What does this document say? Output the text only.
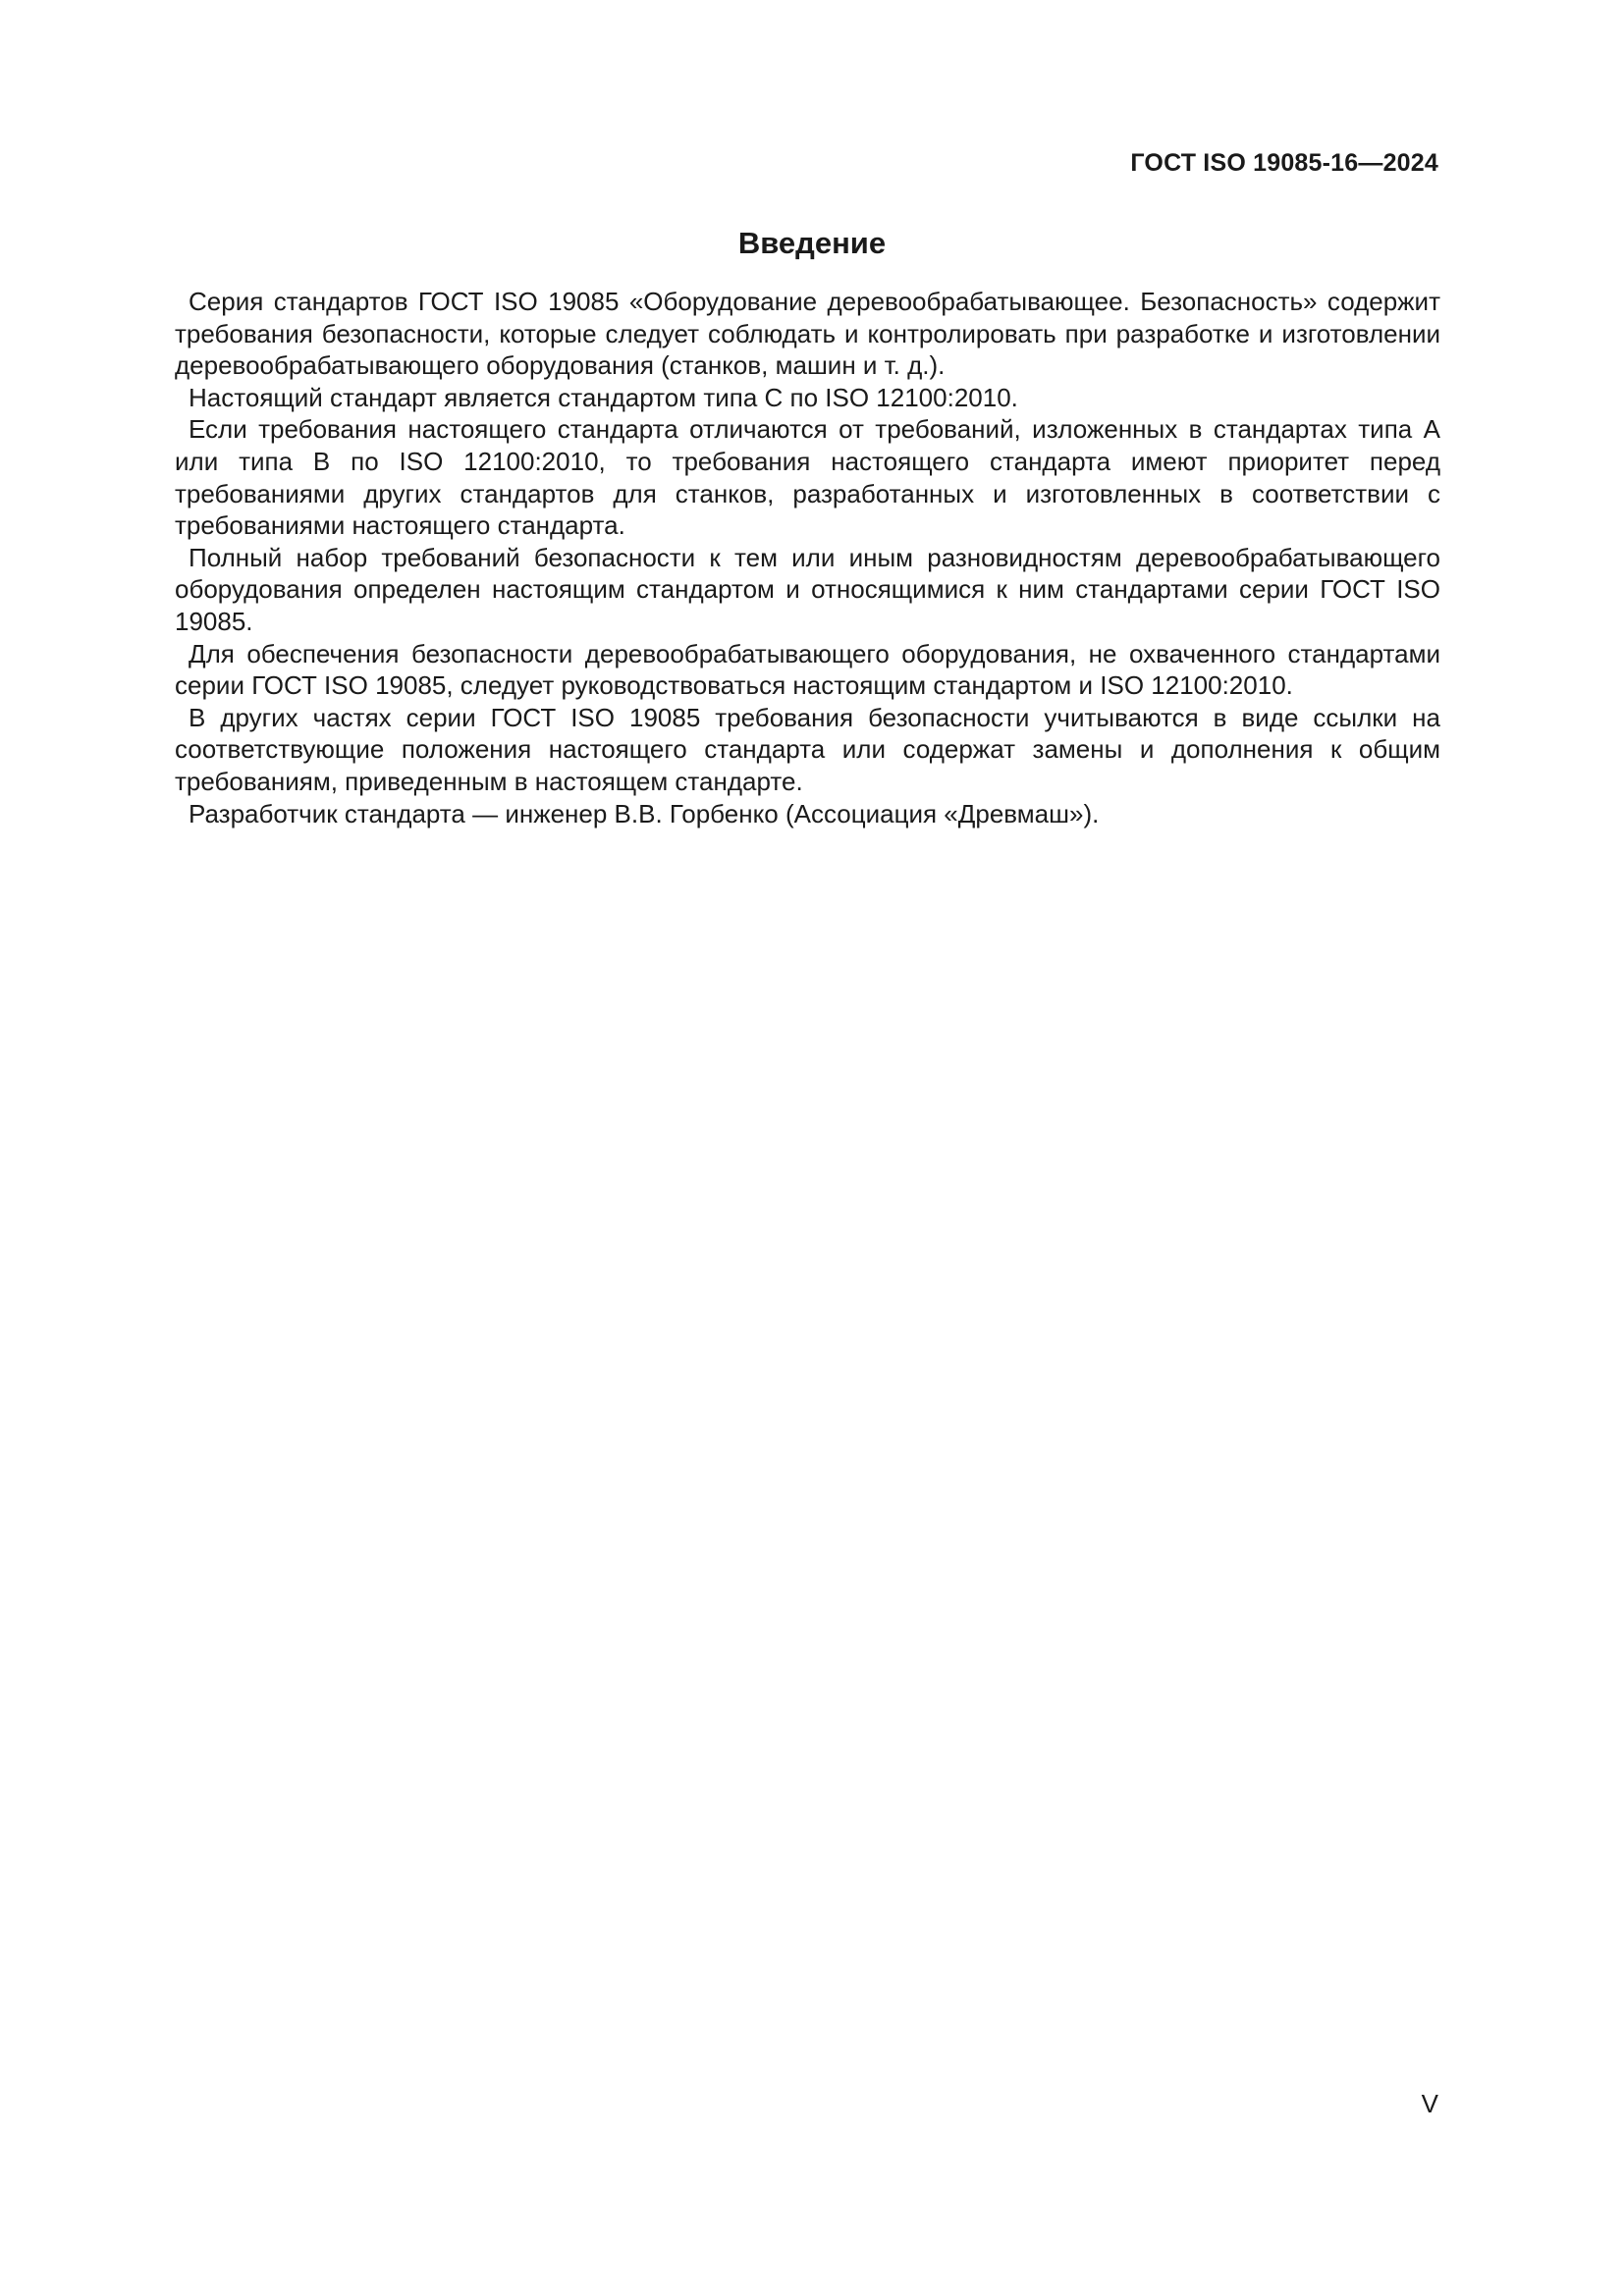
ГОСТ ISO 19085-16—2024
Введение

Серия стандартов ГОСТ ISO 19085 «Оборудование деревообрабатывающее. Безопасность» содержит требования безопасности, которые следует соблюдать и контролировать при разработке и изготовлении деревообрабатывающего оборудования (станков, машин и т. д.).

Настоящий стандарт является стандартом типа С по ISO 12100:2010.

Если требования настоящего стандарта отличаются от требований, изложенных в стандартах типа А или типа В по ISO 12100:2010, то требования настоящего стандарта имеют приоритет перед требованиями других стандартов для станков, разработанных и изготовленных в соответствии с требованиями настоящего стандарта.

Полный набор требований безопасности к тем или иным разновидностям деревообрабатывающего оборудования определен настоящим стандартом и относящимися к ним стандартами серии ГОСТ ISO 19085.

Для обеспечения безопасности деревообрабатывающего оборудования, не охваченного стандартами серии ГОСТ ISO 19085, следует руководствоваться настоящим стандартом и ISO 12100:2010.

В других частях серии ГОСТ ISO 19085 требования безопасности учитываются в виде ссылки на соответствующие положения настоящего стандарта или содержат замены и дополнения к общим требованиям, приведенным в настоящем стандарте.

Разработчик стандарта — инженер В.В. Горбенко (Ассоциация «Древмаш»).

V
